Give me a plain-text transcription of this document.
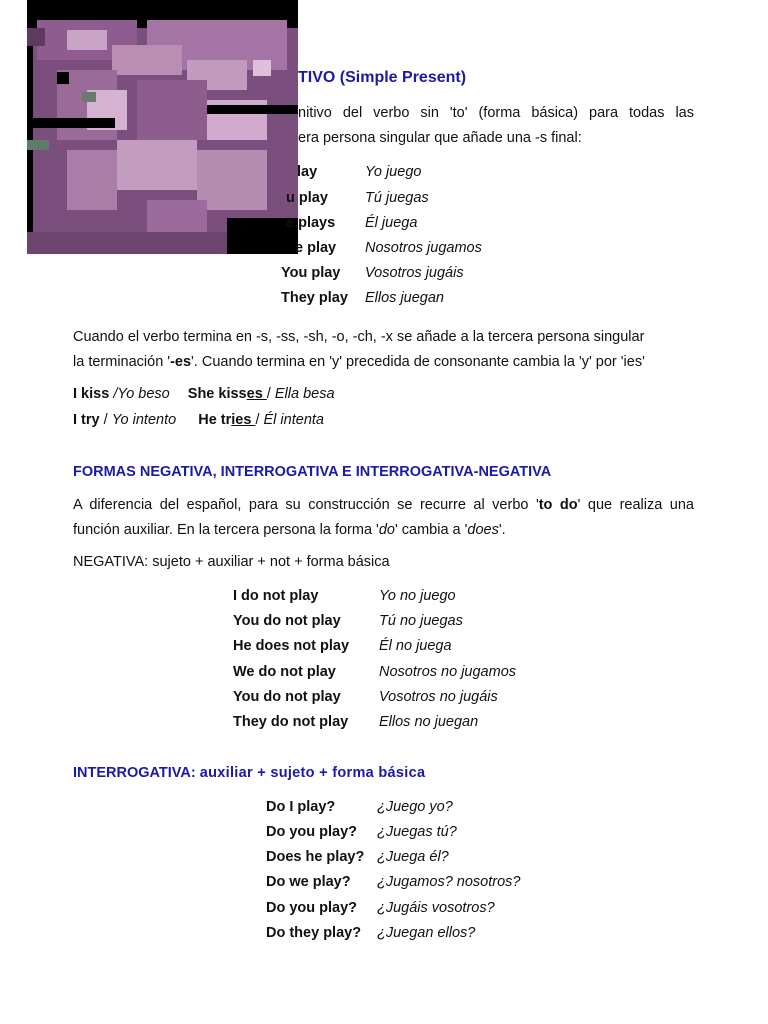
TIVO (Simple Present)
nitivo del verbo sin 'to' (forma básica) para todas las
era persona singular que añade una -s final:
lay	Yo juego
u play	Tú juegas
e plays Él juega
e play Nosotros jugamos
You play Vosotros jugáis
They play Ellos juegan
Cuando el verbo termina en -s, -ss, -sh, -o, -ch, -x se añade a la tercera persona singular
la terminación '-es'. Cuando termina en 'y' precedida de consonante cambia la 'y' por 'ies'
I kiss /Yo beso She kisses / Ella besa
I try / Yo intento He tries / Él intenta
FORMAS NEGATIVA, INTERROGATIVA E INTERROGATIVA-NEGATIVA
A diferencia del español, para su construcción se recurre al verbo 'to do' que realiza una
función auxiliar. En la tercera persona la forma 'do' cambia a 'does'.
NEGATIVA: sujeto + auxiliar + not + forma básica
I do not play	Yo no juego
You do not play	Tú no juegas
He does not play Él no juega
We do not play	Nosotros no jugamos
You do not play	Vosotros no jugáis
They do not play Ellos no juegan
INTERROGATIVA: auxiliar + sujeto + forma básica
Do I play?	¿Juego yo?
Do you play? ¿Juegas tú?
Does he play? ¿Juega él?
Do we play? ¿Jugamos? nosotros?
Do you play? ¿Jugáis vosotros?
Do they play? ¿Juegan ellos?
